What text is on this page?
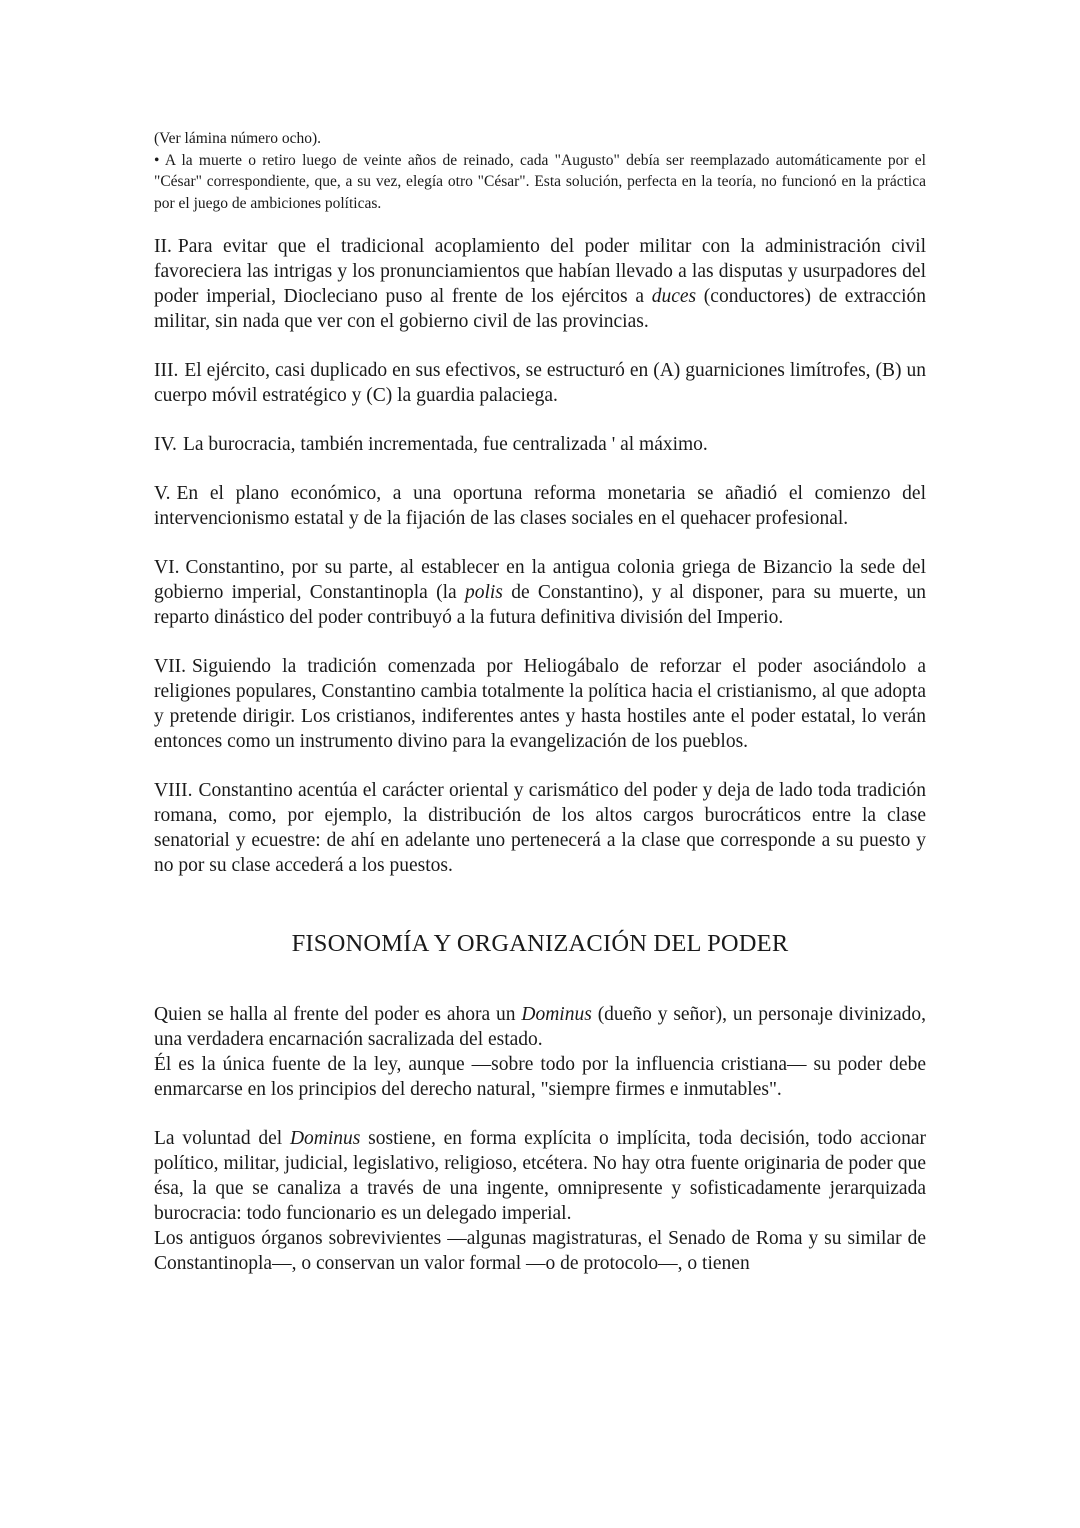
(Ver lámina número ocho).

• A la muerte o retiro luego de veinte años de reinado, cada "Augusto" debía ser reemplazado automáticamente por el "César" correspondiente, que, a su vez, elegía otro "César". Esta solución, perfecta en la teoría, no funcionó en la práctica por el juego de ambiciones políticas.

II. Para evitar que el tradicional acoplamiento del poder militar con la administración civil favoreciera las intrigas y los pronunciamientos que habían llevado a las disputas y usurpadores del poder imperial, Diocleciano puso al frente de los ejércitos a duces (conductores) de extracción militar, sin nada que ver con el gobierno civil de las provincias.

III. El ejército, casi duplicado en sus efectivos, se estructuró en (A) guarniciones limítrofes, (B) un cuerpo móvil estratégico y (C) la guardia palaciega.

IV. La burocracia, también incrementada, fue centralizada ' al máximo.

V. En el plano económico, a una oportuna reforma monetaria se añadió el comienzo del intervencionismo estatal y de la fijación de las clases sociales en el quehacer profesional.

VI. Constantino, por su parte, al establecer en la antigua colonia griega de Bizancio la sede del gobierno imperial, Constantinopla (la polis de Constantino), y al disponer, para su muerte, un reparto dinástico del poder contribuyó a la futura definitiva división del Imperio.

VII. Siguiendo la tradición comenzada por Heliogábalo de reforzar el poder asociándolo a religiones populares, Constantino cambia totalmente la política hacia el cristianismo, al que adopta y pretende dirigir. Los cristianos, indiferentes antes y hasta hostiles ante el poder estatal, lo verán entonces como un instrumento divino para la evangelización de los pueblos.

VIII. Constantino acentúa el carácter oriental y carismático del poder y deja de lado toda tradición romana, como, por ejemplo, la distribución de los altos cargos burocráticos entre la clase senatorial y ecuestre: de ahí en adelante uno pertenecerá a la clase que corresponde a su puesto y no por su clase accederá a los puestos.

FISONOMÍA Y ORGANIZACIÓN DEL PODER

Quien se halla al frente del poder es ahora un Dominus (dueño y señor), un personaje divinizado, una verdadera encarnación sacralizada del estado.

Él es la única fuente de la ley, aunque —sobre todo por la influencia cristiana— su poder debe enmarcarse en los principios del derecho natural, "siempre firmes e inmutables".

La voluntad del Dominus sostiene, en forma explícita o implícita, toda decisión, todo accionar político, militar, judicial, legislativo, religioso, etcétera. No hay otra fuente originaria de poder que ésa, la que se canaliza a través de una ingente, omnipresente y sofisticadamente jerarquizada burocracia: todo funcionario es un delegado imperial.

Los antiguos órganos sobrevivientes —algunas magistraturas, el Senado de Roma y su similar de Constantinopla—, o conservan un valor formal —o de protocolo—, o tienen
